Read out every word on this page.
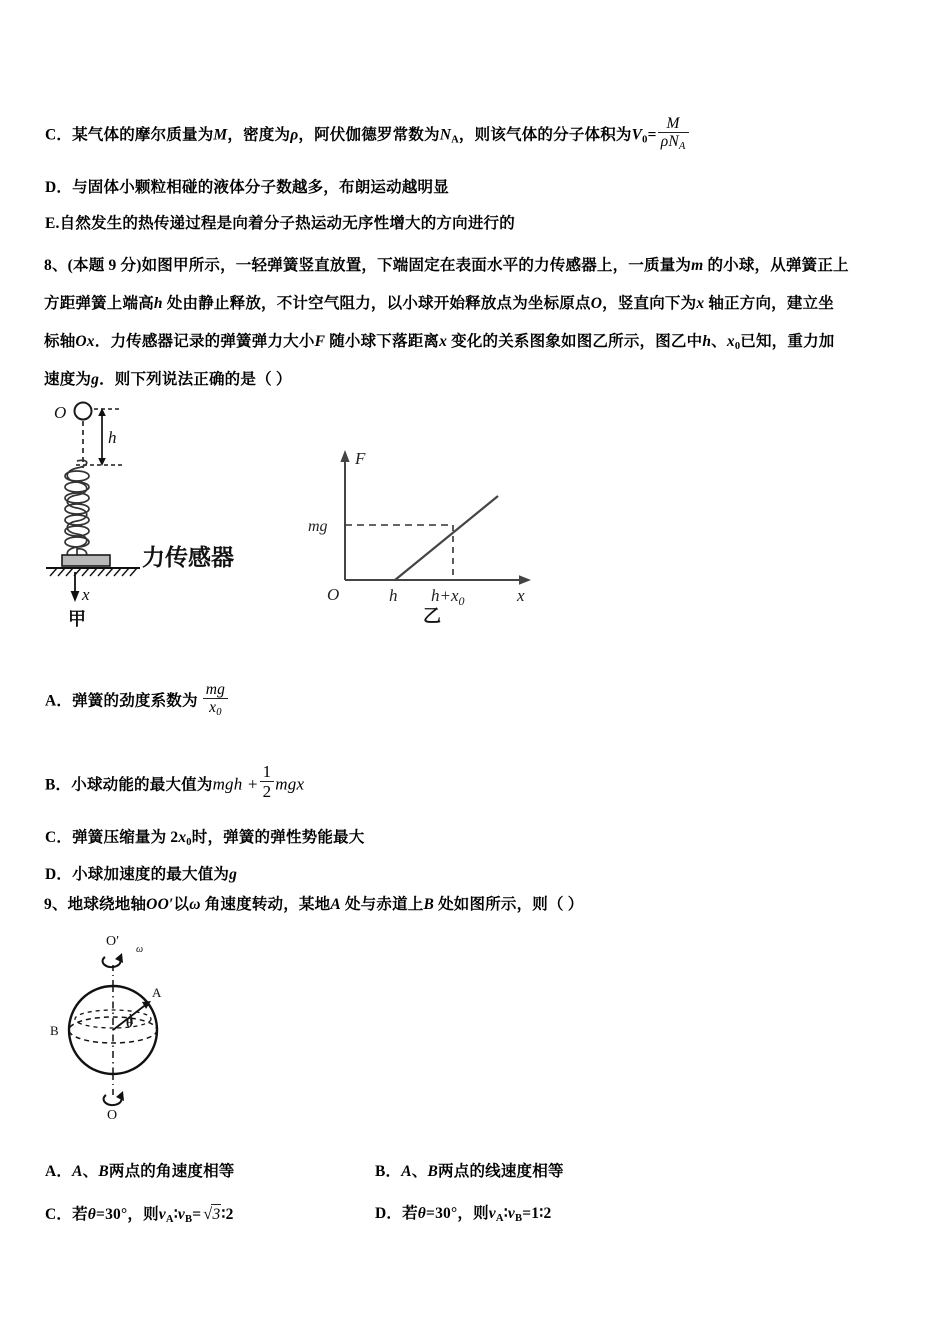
C．某气体的摩尔质量为M，密度为ρ，阿伏伽德罗常数为$N_A$，则该气体的分子体积为$V_0= \frac{M}{\rho N_A}$
D．与固体小颗粒相碰的液体分子数越多，布朗运动越明显
E.自然发生的热传递过程是向着分子热运动无序性增大的方向进行的
8、(本题 9 分)如图甲所示，一轻弹簧竖直放置，下端固定在表面水平的力传感器上，一质量为m 的小球，从弹簧正上
方距弹簧上端高h 处由静止释放，不计空气阻力，以小球开始释放点为坐标原点O，竖直向下为x 轴正方向，建立坐
标轴Ox．力传感器记录的弹簧弹力大小F 随小球下落距离x 变化的关系图象如图乙所示，图乙中h、$x_0$已知，重力加
速度为g．则下列说法正确的是（ ）
O
h
力传感器
x
甲
F
x
O
mg
h $h+x_0$
乙
A．弹簧的劲度系数为 $\frac{mg}{x_0}$
B．小球动能的最大值为mgh + $\frac{1}{2}$ mgx
C．弹簧压缩量为 $2x_0$时，弹簧的弹性势能最大
D．小球加速度的最大值为g
9、地球绕地轴OO′以ω 角速度转动，某地A 处与赤道上B 处如图所示，则（ ）
O′
ω
θ
A
B
O
A．A、B两点的角速度相等	B．A、B两点的线速度相等
C．若θ=30°，则$v_A∶v_B=$ √3∶2	D．若θ=30°，则$v_A∶v_B=1∶2$
